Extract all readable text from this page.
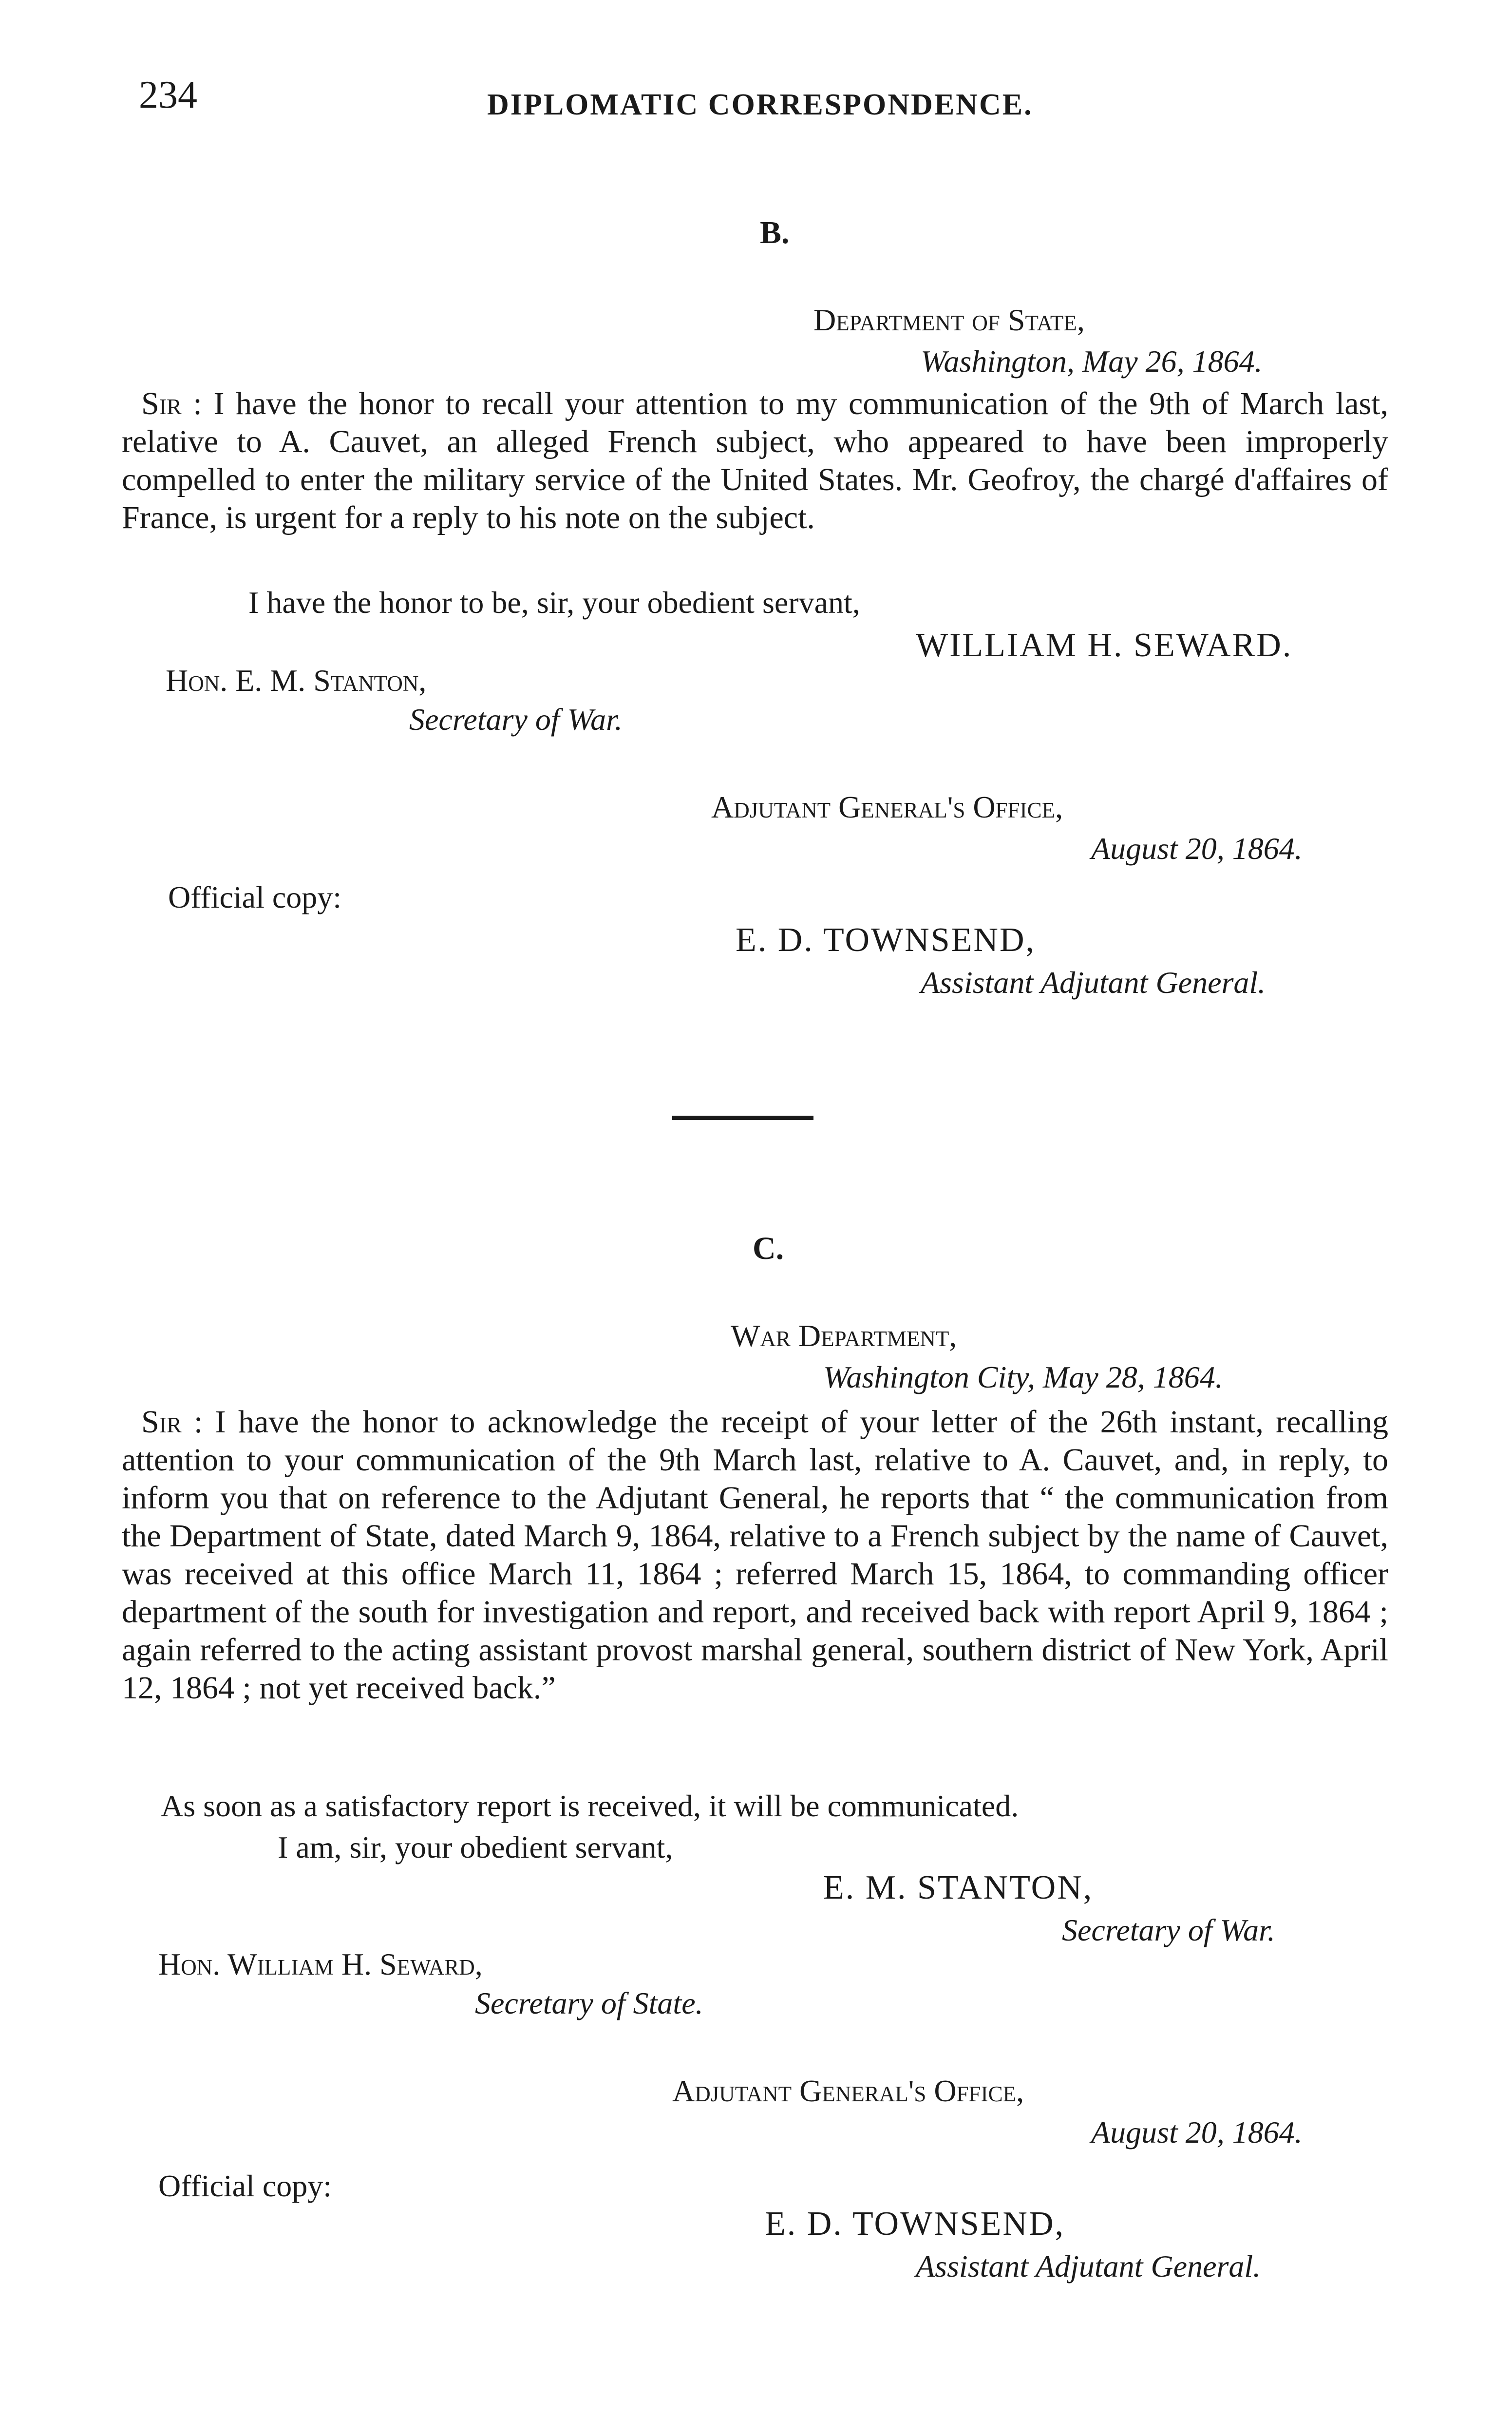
234	DIPLOMATIC CORRESPONDENCE.
B.
Department of State,
Washington, May 26, 1864.
Sir : I have the honor to recall your attention to my communication of the 9th of March last, relative to A. Cauvet, an alleged French subject, who appeared to have been improperly compelled to enter the military service of the United States. Mr. Geofroy, the chargé d'affaires of France, is urgent for a reply to his note on the subject.
I have the honor to be, sir, your obedient servant,
WILLIAM H. SEWARD.
Hon. E. M. Stanton,
Secretary of War.
Adjutant General's Office,
August 20, 1864.
Official copy:
E. D. TOWNSEND,
Assistant Adjutant General.
C.
War Department,
Washington City, May 28, 1864.
Sir : I have the honor to acknowledge the receipt of your letter of the 26th instant, recalling attention to your communication of the 9th March last, relative to A. Cauvet, and, in reply, to inform you that on reference to the Adjutant General, he reports that “ the communication from the Department of State, dated March 9, 1864, relative to a French subject by the name of Cauvet, was received at this office March 11, 1864 ; referred March 15, 1864, to commanding officer department of the south for investigation and report, and received back with report April 9, 1864 ; again referred to the acting assistant provost marshal general, southern district of New York, April 12, 1864 ; not yet received back.”
As soon as a satisfactory report is received, it will be communicated.
I am, sir, your obedient servant,
E. M. STANTON,
Secretary of War.
Hon. William H. Seward,
Secretary of State.
Adjutant General's Office,
August 20, 1864.
Official copy:
E. D. TOWNSEND,
Assistant Adjutant General.
